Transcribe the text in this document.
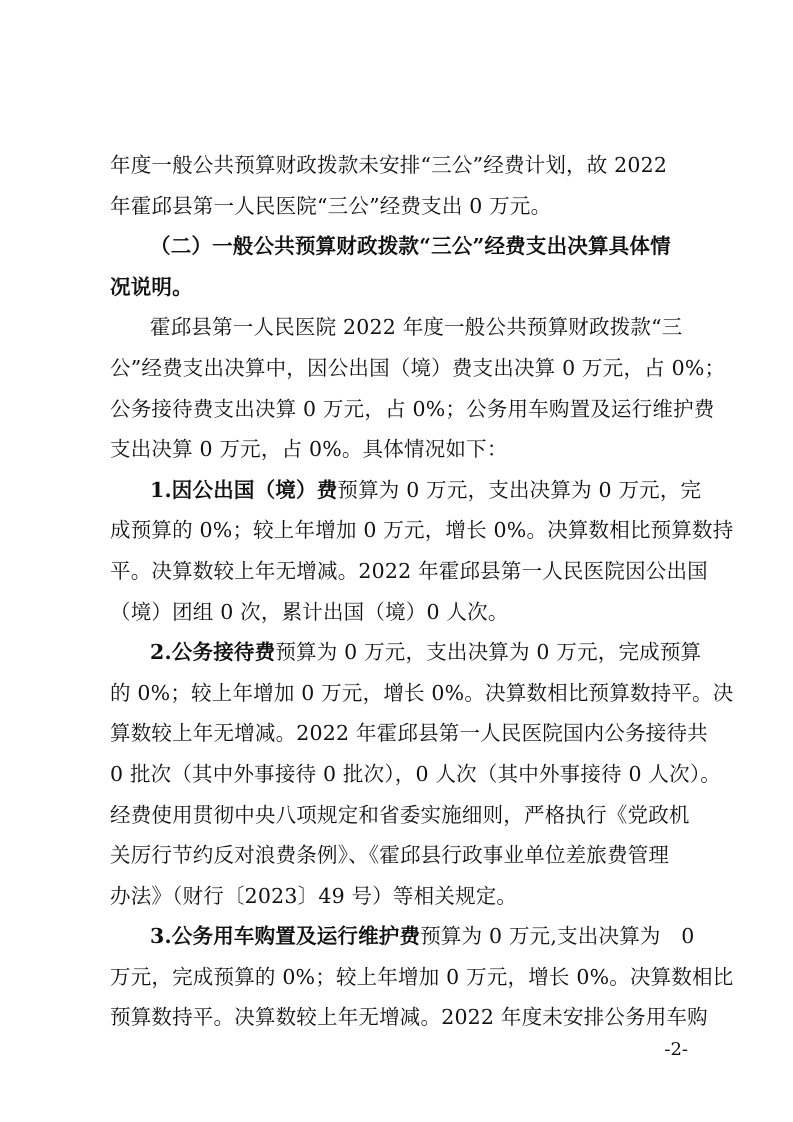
年度一般公共预算财政拨款未安排“三公”经费计划，故 2022
年霍邱县第一人民医院“三公”经费支出 0 万元。
（二）一般公共预算财政拨款“三公”经费支出决算具体情
况说明。
霍邱县第一人民医院 2022 年度一般公共预算财政拨款“三
公”经费支出决算中，因公出国（境）费支出决算 0 万元，占 0%；
公务接待费支出决算 0 万元，占 0%；公务用车购置及运行维护费
支出决算 0 万元，占 0%。具体情况如下：
1.因公出国（境）费预算为 0 万元，支出决算为 0 万元，完
成预算的 0%；较上年增加 0 万元，增长 0%。决算数相比预算数持
平。决算数较上年无增减。2022 年霍邱县第一人民医院因公出国
（境）团组 0 次，累计出国（境）0 人次。
2.公务接待费预算为 0 万元，支出决算为 0 万元，完成预算
的 0%；较上年增加 0 万元，增长 0%。决算数相比预算数持平。决
算数较上年无增减。2022 年霍邱县第一人民医院国内公务接待共
0 批次（其中外事接待 0 批次），0 人次（其中外事接待 0 人次）。
经费使用贯彻中央八项规定和省委实施细则，严格执行《党政机
关厉行节约反对浪费条例》、《霍邱县行政事业单位差旅费管理
办法》（财行〔2023〕49 号）等相关规定。
3.公务用车购置及运行维护费预算为 0 万元,支出决算为　0
万元，完成预算的 0%；较上年增加 0 万元，增长 0%。决算数相比
预算数持平。决算数较上年无增减。2022 年度未安排公务用车购
-2-
